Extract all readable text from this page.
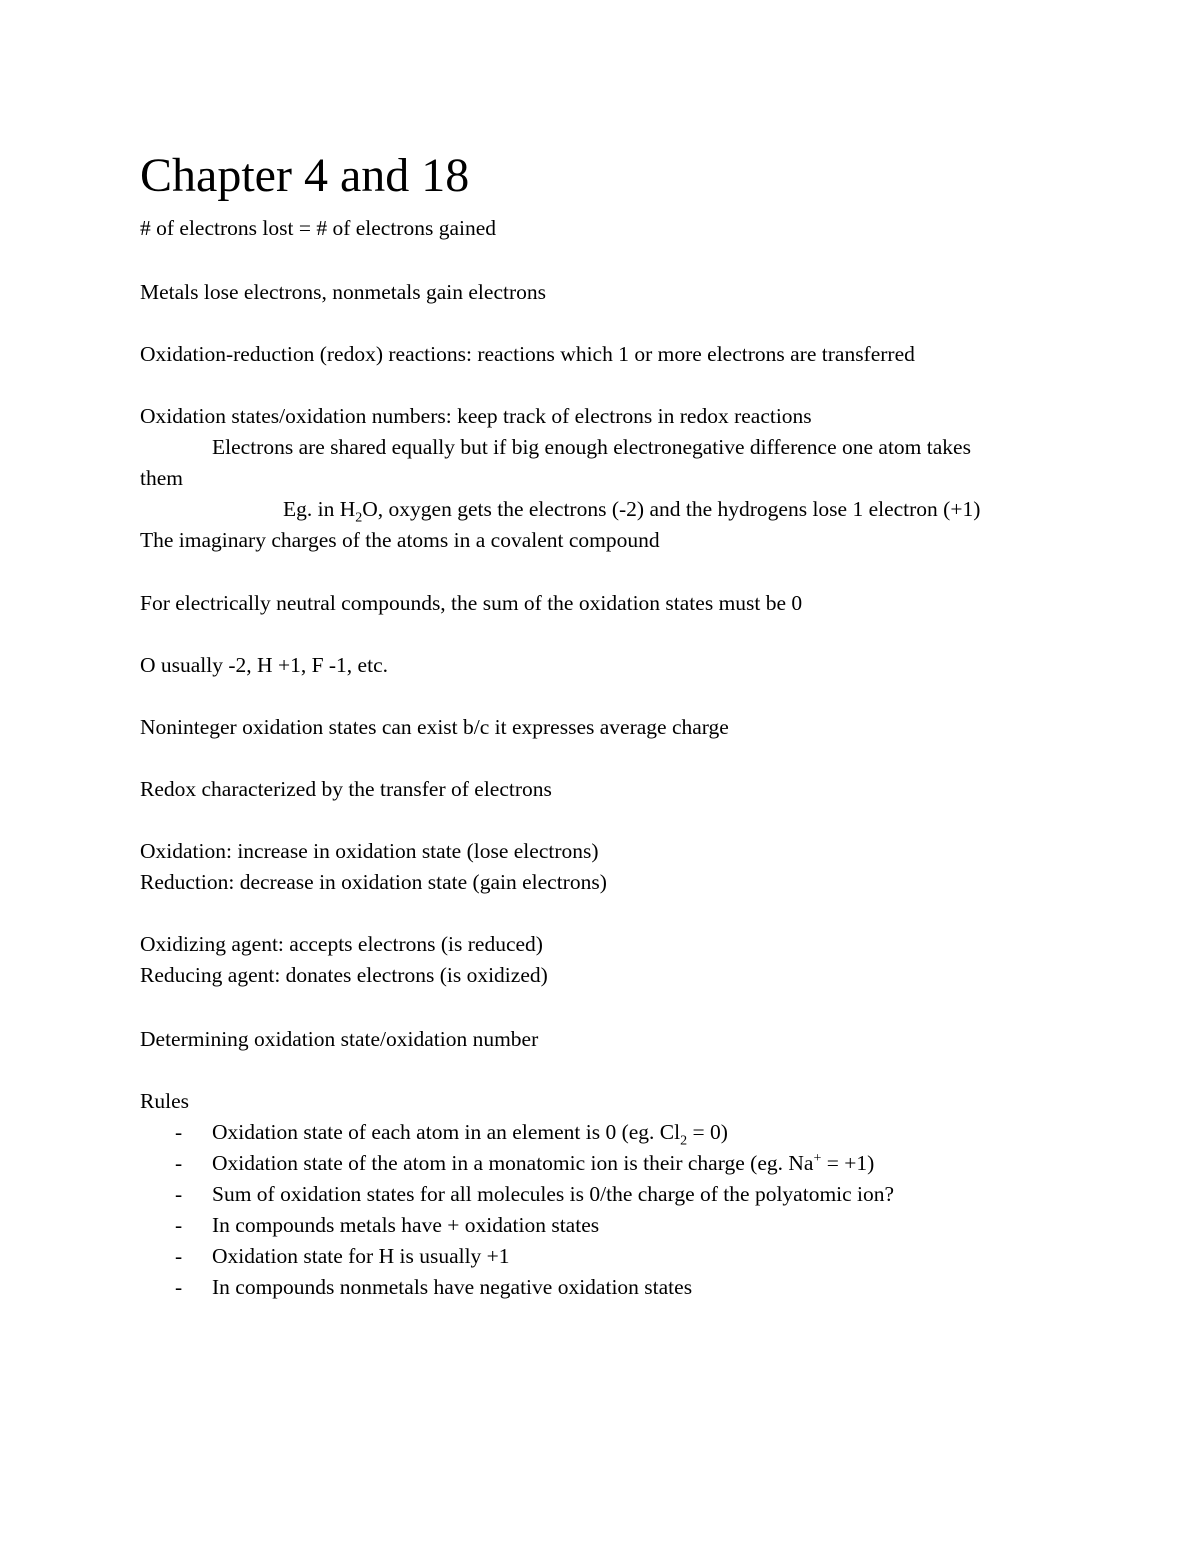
Chapter 4 and 18
# of electrons lost = # of electrons gained
Metals lose electrons, nonmetals gain electrons
Oxidation-reduction (redox) reactions: reactions which 1 or more electrons are transferred
Oxidation states/oxidation numbers: keep track of electrons in redox reactions
Electrons are shared equally but if big enough electronegative difference one atom takes
them
Eg. in $H_2O$, oxygen gets the electrons (-2) and the hydrogens lose 1 electron (+1)
The imaginary charges of the atoms in a covalent compound
For electrically neutral compounds, the sum of the oxidation states must be 0
O usually -2, H +1, F -1, etc.
Noninteger oxidation states can exist b/c it expresses average charge
Redox characterized by the transfer of electrons
Oxidation: increase in oxidation state (lose electrons)
Reduction: decrease in oxidation state (gain electrons)
Oxidizing agent: accepts electrons (is reduced)
Reducing agent: donates electrons (is oxidized)
Determining oxidation state/oxidation number
Rules
- Oxidation state of each atom in an element is 0 (eg. $Cl_2 = 0$)
- Oxidation state of the atom in a monatomic ion is their charge (eg. Na+ = +1)
- Sum of oxidation states for all molecules is 0/the charge of the polyatomic ion?
- In compounds metals have + oxidation states
- Oxidation state for H is usually +1
- In compounds nonmetals have negative oxidation states
